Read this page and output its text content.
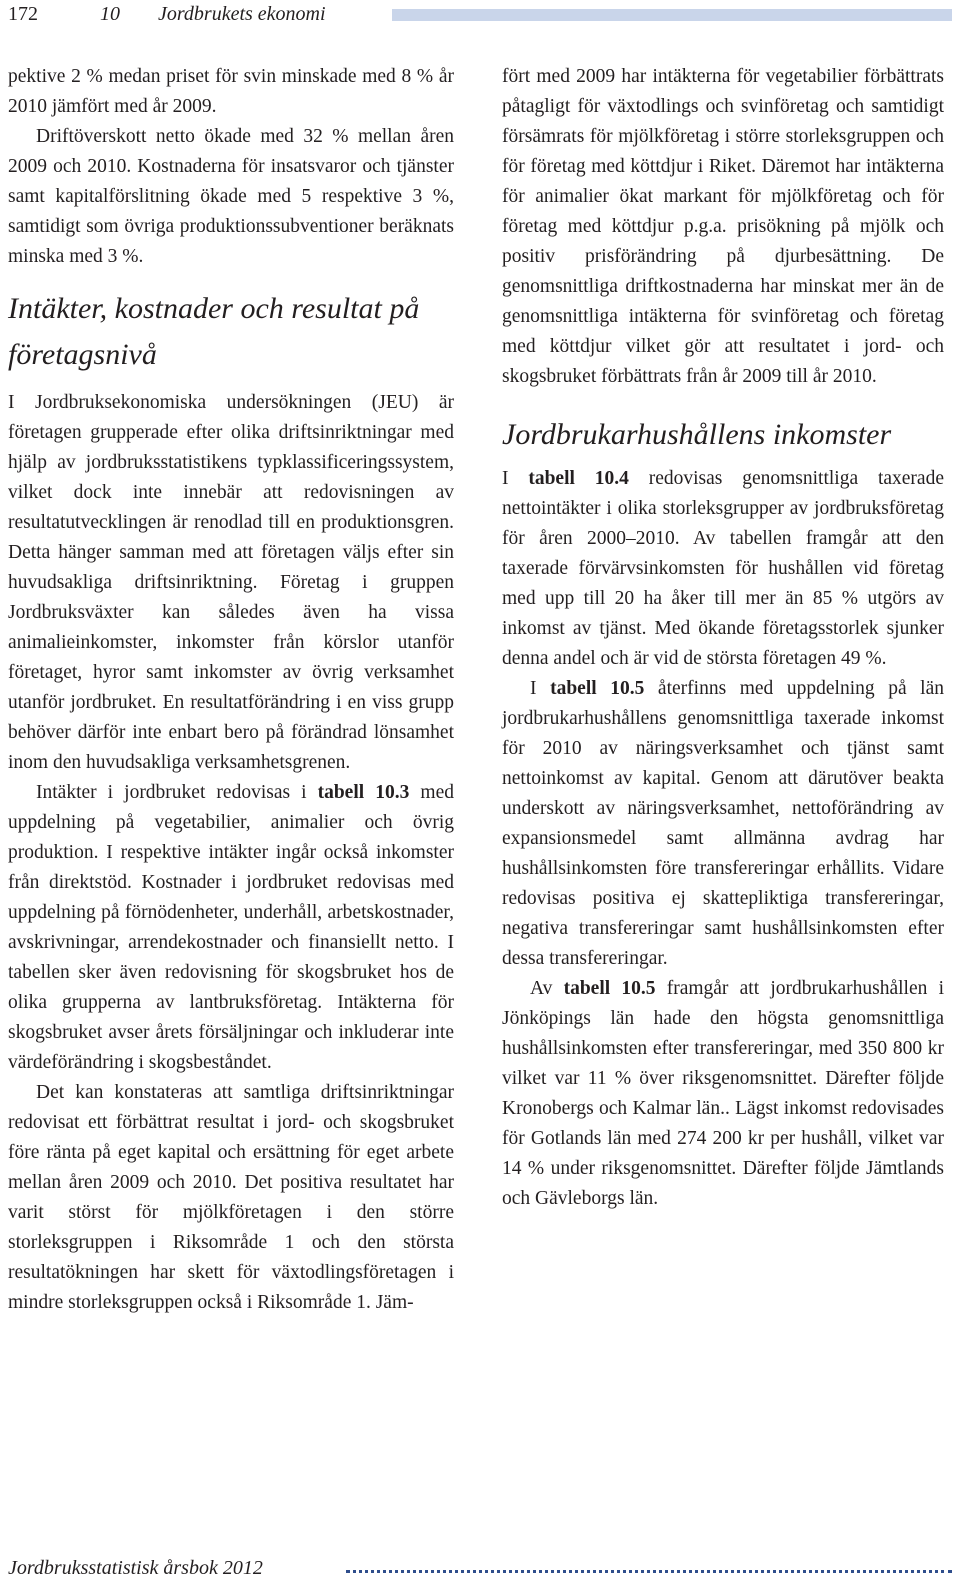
172	10 Jordbrukets ekonomi

pektive 2 % medan priset för svin minskade med 8 % år 2010 jämfört med år 2009.

Driftöverskott netto ökade med 32 % mellan åren 2009 och 2010. Kostnaderna för insatsvaror och tjänster samt kapitalförslitning ökade med 5 respektive 3 %, samtidigt som övriga produktionssubventioner beräknats minska med 3 %.

Intäkter, kostnader och resultat på företagsnivå

I Jordbruksekonomiska undersökningen (JEU) är företagen grupperade efter olika driftsinriktningar med hjälp av jordbruksstatistikens typklassificeringssystem, vilket dock inte innebär att redovisningen av resultatutvecklingen är renodlad till en produktionsgren. Detta hänger samman med att företagen väljs efter sin huvudsakliga driftsinriktning. Företag i gruppen Jordbruksväxter kan således även ha vissa animalieinkomster, inkomster från körslor utanför företaget, hyror samt inkomster av övrig verksamhet utanför jordbruket. En resultatförändring i en viss grupp behöver därför inte enbart bero på förändrad lönsamhet inom den huvudsakliga verksamhetsgrenen.

Intäkter i jordbruket redovisas i tabell 10.3 med uppdelning på vegetabilier, animalier och övrig produktion. I respektive intäkter ingår också inkomster från direktstöd. Kostnader i jordbruket redovisas med uppdelning på förnödenheter, underhåll, arbetskostnader, avskrivningar, arrendekostnader och finansiellt netto. I tabellen sker även redovisning för skogsbruket hos de olika grupperna av lantbruksföretag. Intäkterna för skogsbruket avser årets försäljningar och inkluderar inte värdeförändring i skogsbeståndet.

Det kan konstateras att samtliga driftsinriktningar redovisat ett förbättrat resultat i jord- och skogsbruket före ränta på eget kapital och ersättning för eget arbete mellan åren 2009 och 2010. Det positiva resultatet har varit störst för mjölkföretagen i den större storleksgruppen i Riksområde 1 och den största resultatökningen har skett för växtodlingsföretagen i mindre storleksgruppen också i Riksområde 1. Jäm-

fört med 2009 har intäkterna för vegetabilier förbättrats påtagligt för växtodlings och svinföretag och samtidigt försämrats för mjölkföretag i större storleksgruppen och för företag med köttdjur i Riket. Däremot har intäkterna för animalier ökat markant för mjölkföretag och för företag med köttdjur p.g.a. prisökning på mjölk och positiv prisförändring på djurbesättning. De genomsnittliga driftkostnaderna har minskat mer än de genomsnittliga intäkterna för svinföretag och företag med köttdjur vilket gör att resultatet i jord- och skogsbruket förbättrats från år 2009 till år 2010.

Jordbrukarhushållens inkomster

I tabell 10.4 redovisas genomsnittliga taxerade nettointäkter i olika storleksgrupper av jordbruksföretag för åren 2000–2010. Av tabellen framgår att den taxerade förvärvsinkomsten för hushållen vid företag med upp till 20 ha åker till mer än 85 % utgörs av inkomst av tjänst. Med ökande företagsstorlek sjunker denna andel och är vid de största företagen 49 %.

I tabell 10.5 återfinns med uppdelning på län jordbrukarhushållens genomsnittliga taxerade inkomst för 2010 av näringsverksamhet och tjänst samt nettoinkomst av kapital. Genom att därutöver beakta underskott av näringsverksamhet, nettoförändring av expansionsmedel samt allmänna avdrag har hushållsinkomsten före transfereringar erhållits. Vidare redovisas positiva ej skattepliktiga transfereringar, negativa transfereringar samt hushållsinkomsten efter dessa transfereringar.

Av tabell 10.5 framgår att jordbrukarhushållen i Jönköpings län hade den högsta genomsnittliga hushållsinkomsten efter transfereringar, med 350 800 kr vilket var 11 % över riksgenomsnittet. Därefter följde Kronobergs och Kalmar län.. Lägst inkomst redovisades för Gotlands län med 274 200 kr per hushåll, vilket var 14 % under riksgenomsnittet. Därefter följde Jämtlands och Gävleborgs län.

Jordbruksstatistisk årsbok 2012
